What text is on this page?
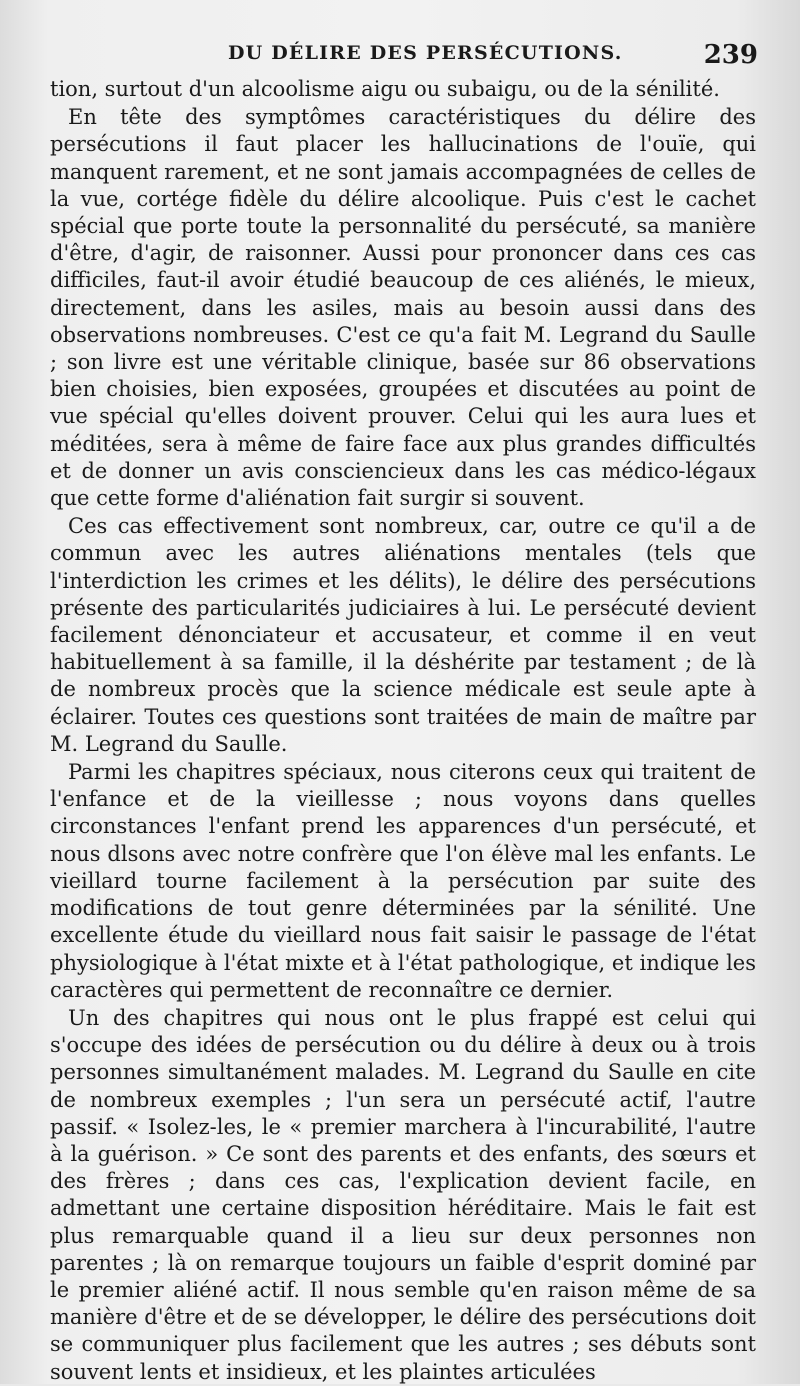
DU DÉLIRE DES PERSÉCUTIONS.	239

tion, surtout d'un alcoolisme aigu ou subaigu, ou de la sénilité.

En tête des symptômes caractéristiques du délire des persécutions il faut placer les hallucinations de l'ouïe, qui manquent rarement, et ne sont jamais accompagnées de celles de la vue, cortége fidèle du délire alcoolique. Puis c'est le cachet spécial que porte toute la personnalité du persécuté, sa manière d'être, d'agir, de raisonner. Aussi pour prononcer dans ces cas difficiles, faut-il avoir étudié beaucoup de ces aliénés, le mieux, directement, dans les asiles, mais au besoin aussi dans des observations nombreuses. C'est ce qu'a fait M. Legrand du Saulle ; son livre est une véritable clinique, basée sur 86 observations bien choisies, bien exposées, groupées et discutées au point de vue spécial qu'elles doivent prouver. Celui qui les aura lues et méditées, sera à même de faire face aux plus grandes difficultés et de donner un avis consciencieux dans les cas médico-légaux que cette forme d'aliénation fait surgir si souvent.

Ces cas effectivement sont nombreux, car, outre ce qu'il a de commun avec les autres aliénations mentales (tels que l'interdiction les crimes et les délits), le délire des persécutions présente des particularités judiciaires à lui. Le persécuté devient facilement dénonciateur et accusateur, et comme il en veut habituellement à sa famille, il la déshérite par testament ; de là de nombreux procès que la science médicale est seule apte à éclairer. Toutes ces questions sont traitées de main de maître par M. Legrand du Saulle.

Parmi les chapitres spéciaux, nous citerons ceux qui traitent de l'enfance et de la vieillesse ; nous voyons dans quelles circonstances l'enfant prend les apparences d'un persécuté, et nous dlsons avec notre confrère que l'on élève mal les enfants. Le vieillard tourne facilement à la persécution par suite des modifications de tout genre déterminées par la sénilité. Une excellente étude du vieillard nous fait saisir le passage de l'état physiologique à l'état mixte et à l'état pathologique, et indique les caractères qui permettent de reconnaître ce dernier.

Un des chapitres qui nous ont le plus frappé est celui qui s'occupe des idées de persécution ou du délire à deux ou à trois personnes simultanément malades. M. Legrand du Saulle en cite de nombreux exemples ; l'un sera un persécuté actif, l'autre passif. « Isolez-les, le « premier marchera à l'incurabilité, l'autre à la guérison. » Ce sont des parents et des enfants, des sœurs et des frères ; dans ces cas, l'explication devient facile, en admettant une certaine disposition héréditaire. Mais le fait est plus remarquable quand il a lieu sur deux personnes non parentes ; là on remarque toujours un faible d'esprit dominé par le premier aliéné actif. Il nous semble qu'en raison même de sa manière d'être et de se développer, le délire des persécutions doit se communiquer plus facilement que les autres ; ses débuts sont souvent lents et insidieux, et les plaintes articulées
